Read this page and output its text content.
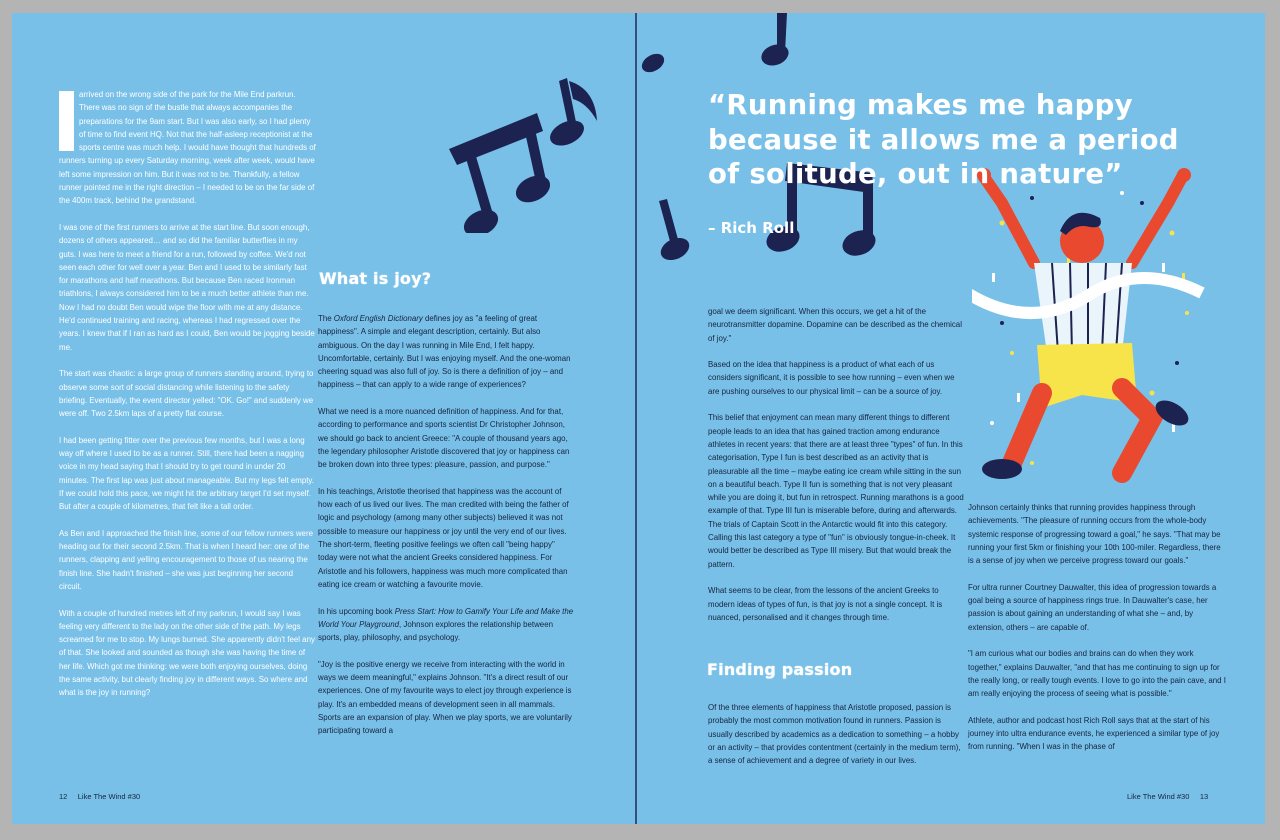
arrived on the wrong side of the park for the Mile End parkrun. There was no sign of the bustle that always accompanies the preparations for the 9am start. But I was also early, so I had plenty of time to find event HQ. Not that the half-asleep receptionist at the sports centre was much help. I would have thought that hundreds of runners turning up every Saturday morning, week after week, would have left some impression on him. But it was not to be. Thankfully, a fellow runner pointed me in the right direction – I needed to be on the far side of the 400m track, behind the grandstand.

I was one of the first runners to arrive at the start line. But soon enough, dozens of others appeared… and so did the familiar butterflies in my guts. I was here to meet a friend for a run, followed by coffee. We'd not seen each other for well over a year. Ben and I used to be similarly fast for marathons and half marathons. But because Ben raced Ironman triathlons, I always considered him to be a much better athlete than me. Now I had no doubt Ben would wipe the floor with me at any distance. He'd continued training and racing, whereas I had regressed over the years. I knew that if I ran as hard as I could, Ben would be jogging beside me.

The start was chaotic: a large group of runners standing around, trying to observe some sort of social distancing while listening to the safety briefing. Eventually, the event director yelled: "OK. Go!" and suddenly we were off. Two 2.5km laps of a pretty flat course.

I had been getting fitter over the previous few months, but I was a long way off where I used to be as a runner. Still, there had been a nagging voice in my head saying that I should try to get round in under 20 minutes. The first lap was just about manageable. But my legs felt empty. If we could hold this pace, we might hit the arbitrary target I'd set myself. But after a couple of kilometres, that felt like a tall order.

As Ben and I approached the finish line, some of our fellow runners were heading out for their second 2.5km. That is when I heard her: one of the runners, clapping and yelling encouragement to those of us nearing the finish line. She hadn't finished – she was just beginning her second circuit.

With a couple of hundred metres left of my parkrun, I would say I was feeling very different to the lady on the other side of the path. My legs screamed for me to stop. My lungs burned. She apparently didn't feel any of that. She looked and sounded as though she was having the time of her life. Which got me thinking: we were both enjoying ourselves, doing the same activity, but clearly finding joy in different ways. So where and what is the joy in running?

What is joy?

The Oxford English Dictionary defines joy as "a feeling of great happiness". A simple and elegant description, certainly. But also ambiguous. On the day I was running in Mile End, I felt happy. Uncomfortable, certainly. But I was enjoying myself. And the one-woman cheering squad was also full of joy. So is there a definition of joy – and happiness – that can apply to a wide range of experiences?

What we need is a more nuanced definition of happiness. And for that, according to performance and sports scientist Dr Christopher Johnson, we should go back to ancient Greece: "A couple of thousand years ago, the legendary philosopher Aristotle discovered that joy or happiness can be broken down into three types: pleasure, passion, and purpose."

In his teachings, Aristotle theorised that happiness was the account of how each of us lived our lives. The man credited with being the father of logic and psychology (among many other subjects) believed it was not possible to measure our happiness or joy until the very end of our lives. The short-term, fleeting positive feelings we often call "being happy" today were not what the ancient Greeks considered happiness. For Aristotle and his followers, happiness was much more complicated than eating ice cream or watching a favourite movie.

In his upcoming book Press Start: How to Gamify Your Life and Make the World Your Playground, Johnson explores the relationship between sports, play, philosophy, and psychology.

"Joy is the positive energy we receive from interacting with the world in ways we deem meaningful," explains Johnson. "It's a direct result of our experiences. One of my favourite ways to elect joy through experience is play. It's an embedded means of development seen in all mammals. Sports are an expansion of play. When we play sports, we are voluntarily participating toward a

12 Like The Wind #30
“Running makes me happy because it allows me a period of solitude, out in nature”
– Rich Roll

goal we deem significant. When this occurs, we get a hit of the neurotransmitter dopamine. Dopamine can be described as the chemical of joy."

Based on the idea that happiness is a product of what each of us considers significant, it is possible to see how running – even when we are pushing ourselves to our physical limit – can be a source of joy.

This belief that enjoyment can mean many different things to different people leads to an idea that has gained traction among endurance athletes in recent years: that there are at least three "types" of fun. In this categorisation, Type I fun is best described as an activity that is pleasurable all the time – maybe eating ice cream while sitting in the sun on a beautiful beach. Type II fun is something that is not very pleasant while you are doing it, but fun in retrospect. Running marathons is a good example of that. Type III fun is miserable before, during and afterwards. The trials of Captain Scott in the Antarctic would fit into this category. Calling this last category a type of "fun" is obviously tongue-in-cheek. It would better be described as Type III misery. But that would break the pattern.

What seems to be clear, from the lessons of the ancient Greeks to modern ideas of types of fun, is that joy is not a single concept. It is nuanced, personalised and it changes through time.

Finding passion

Of the three elements of happiness that Aristotle proposed, passion is probably the most common motivation found in runners. Passion is usually described by academics as a dedication to something – a hobby or an activity – that provides contentment (certainly in the medium term), a sense of achievement and a degree of variety in our lives.

Johnson certainly thinks that running provides happiness through achievements. "The pleasure of running occurs from the whole-body systemic response of progressing toward a goal," he says. "That may be running your first 5km or finishing your 10th 100-miler. Regardless, there is a sense of joy when we perceive progress toward our goals."

For ultra runner Courtney Dauwalter, this idea of progression towards a goal being a source of happiness rings true. In Dauwalter's case, her passion is about gaining an understanding of what she – and, by extension, others – are capable of.

"I am curious what our bodies and brains can do when they work together," explains Dauwalter, "and that has me continuing to sign up for the really long, or really tough events. I love to go into the pain cave, and I am really enjoying the process of seeing what is possible."

Athlete, author and podcast host Rich Roll says that at the start of his journey into ultra endurance events, he experienced a similar type of joy from running. "When I was in the phase of

Like The Wind #30 13
